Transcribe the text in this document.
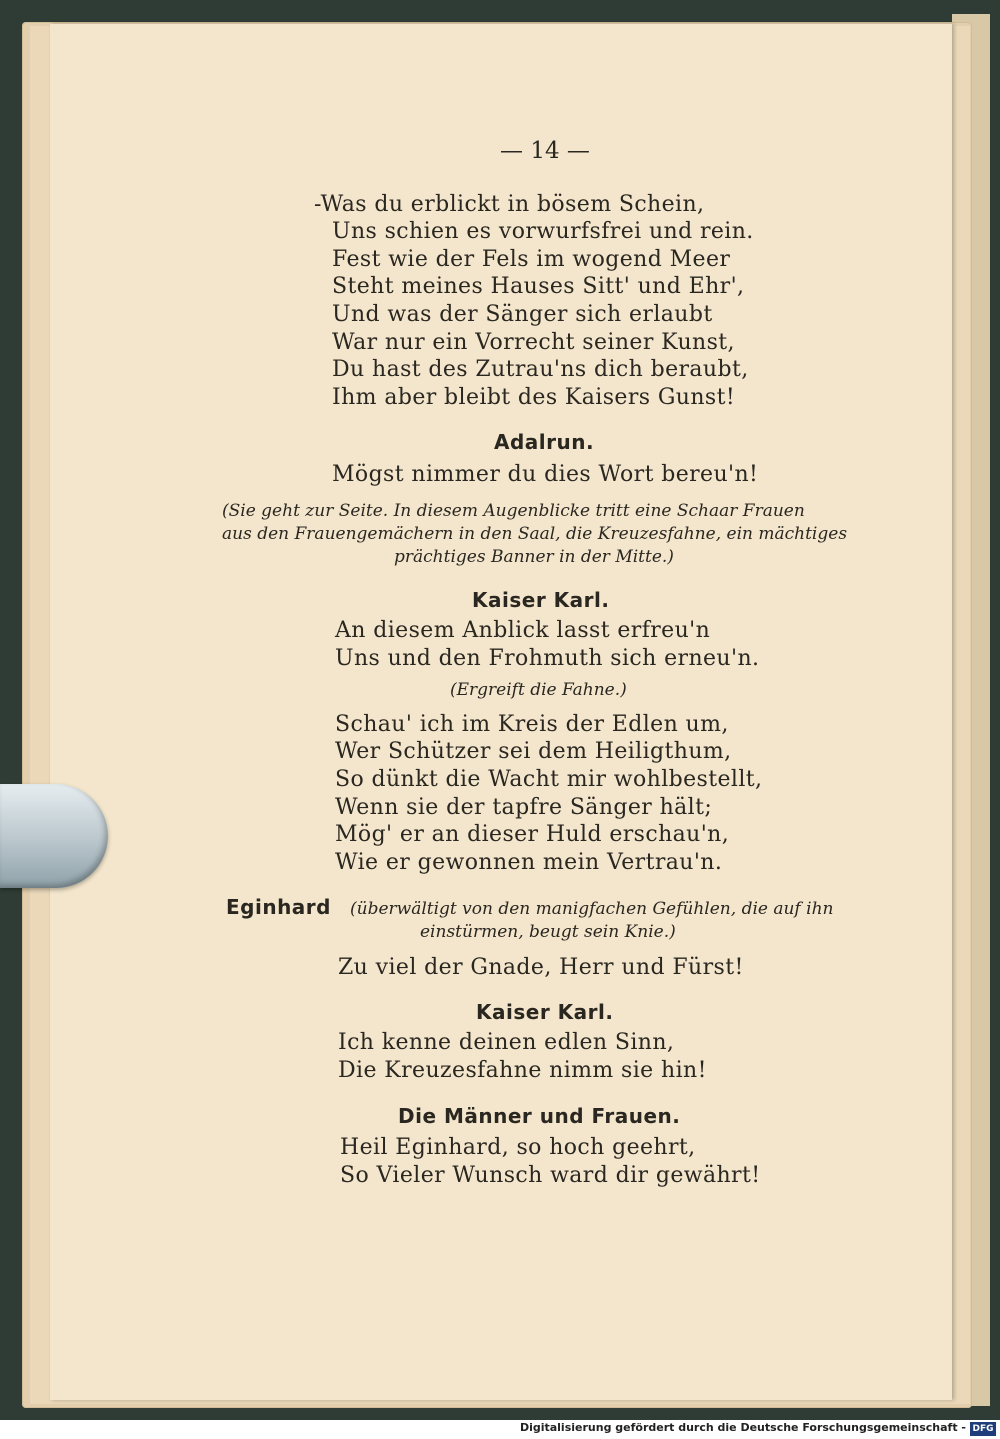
— 14 —
-Was du erblickt in bösem Schein,
Uns schien es vorwurfsfrei und rein.
Fest wie der Fels im wogend Meer
Steht meines Hauses Sitt' und Ehr',
Und was der Sänger sich erlaubt
War nur ein Vorrecht seiner Kunst,
Du hast des Zutrau'ns dich beraubt,
Ihm aber bleibt des Kaisers Gunst!
Adalrun.
Mögst nimmer du dies Wort bereu'n!
(Sie geht zur Seite. In diesem Augenblicke tritt eine Schaar Frauen
aus den Frauengemächern in den Saal, die Kreuzesfahne, ein mächtiges
prächtiges Banner in der Mitte.)
Kaiser Karl.
An diesem Anblick lasst erfreu'n
Uns und den Frohmuth sich erneu'n.
(Ergreift die Fahne.)
Schau' ich im Kreis der Edlen um,
Wer Schützer sei dem Heiligthum,
So dünkt die Wacht mir wohlbestellt,
Wenn sie der tapfre Sänger hält;
Mög' er an dieser Huld erschau'n,
Wie er gewonnen mein Vertrau'n.
Eginhard	(überwältigt von den manigfachen Gefühlen, die auf ihn
einstürmen, beugt sein Knie.)
Zu viel der Gnade, Herr und Fürst!
Kaiser Karl.
Ich kenne deinen edlen Sinn,
Die Kreuzesfahne nimm sie hin!
Die Männer und Frauen.
Heil Eginhard, so hoch geehrt,
So Vieler Wunsch ward dir gewährt!
Digitalisierung gefördert durch die Deutsche Forschungsgemeinschaft - DFG
